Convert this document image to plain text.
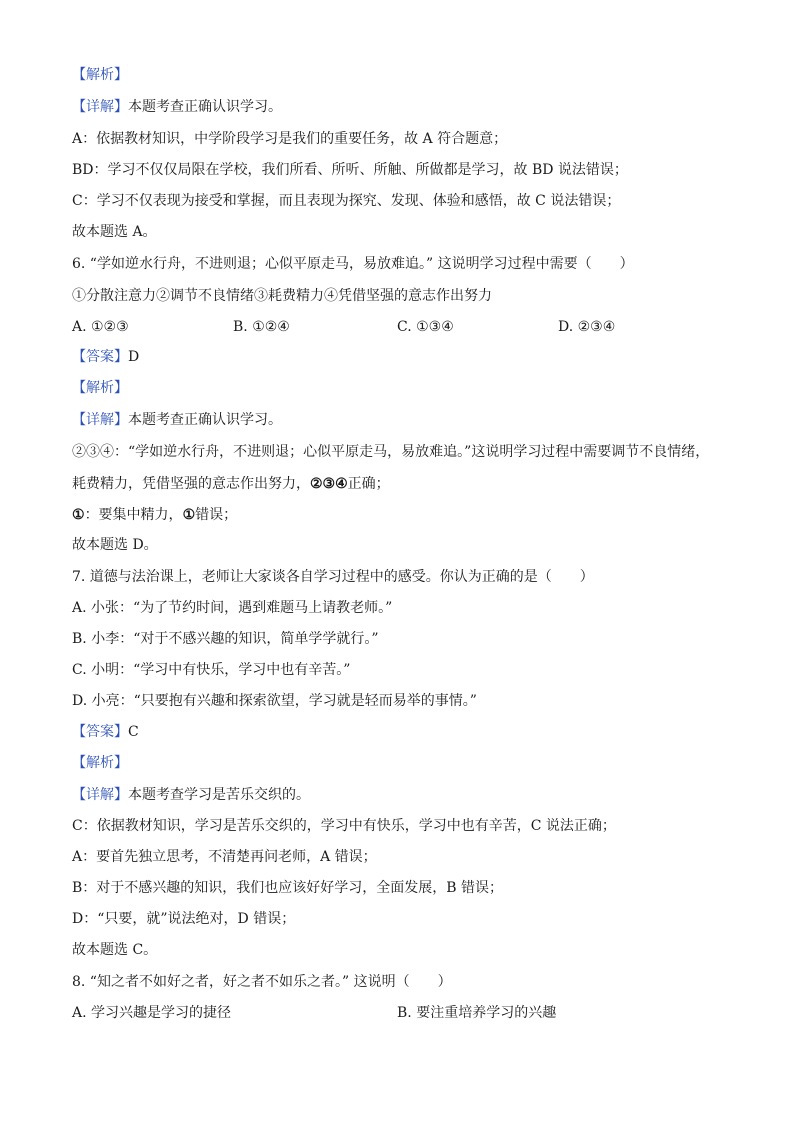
【解析】
【详解】本题考查正确认识学习。
A：依据教材知识，中学阶段学习是我们的重要任务，故 A 符合题意；
BD：学习不仅仅局限在学校，我们所看、所听、所触、所做都是学习，故 BD 说法错误；
C：学习不仅表现为接受和掌握，而且表现为探究、发现、体验和感悟，故 C 说法错误；
故本题选 A。
6. “学如逆水行舟，不进则退；心似平原走马，易放难追。” 这说明学习过程中需要（　　）
①分散注意力②调节不良情绪③耗费精力④凭借坚强的意志作出努力
A. ①②③	B. ①②④	C. ①③④	D. ②③④
【答案】D
【解析】
【详解】本题考查正确认识学习。
②③④：“学如逆水行舟，不进则退；心似平原走马，易放难追。”这说明学习过程中需要调节不良情绪，
耗费精力，凭借坚强的意志作出努力，②③④正确；
①：要集中精力，①错误；
故本题选 D。
7. 道德与法治课上，老师让大家谈各自学习过程中的感受。你认为正确的是（　　）
A. 小张：“为了节约时间，遇到难题马上请教老师。”
B. 小李：“对于不感兴趣的知识，简单学学就行。”
C. 小明：“学习中有快乐，学习中也有辛苦。”
D. 小亮：“只要抱有兴趣和探索欲望，学习就是轻而易举的事情。”
【答案】C
【解析】
【详解】本题考查学习是苦乐交织的。
C：依据教材知识，学习是苦乐交织的，学习中有快乐，学习中也有辛苦，C 说法正确；
A：要首先独立思考，不清楚再问老师，A 错误；
B：对于不感兴趣的知识，我们也应该好好学习，全面发展，B 错误；
D：“只要，就”说法绝对，D 错误；
故本题选 C。
8. “知之者不如好之者，好之者不如乐之者。” 这说明（　　）
A. 学习兴趣是学习的捷径	B. 要注重培养学习的兴趣
